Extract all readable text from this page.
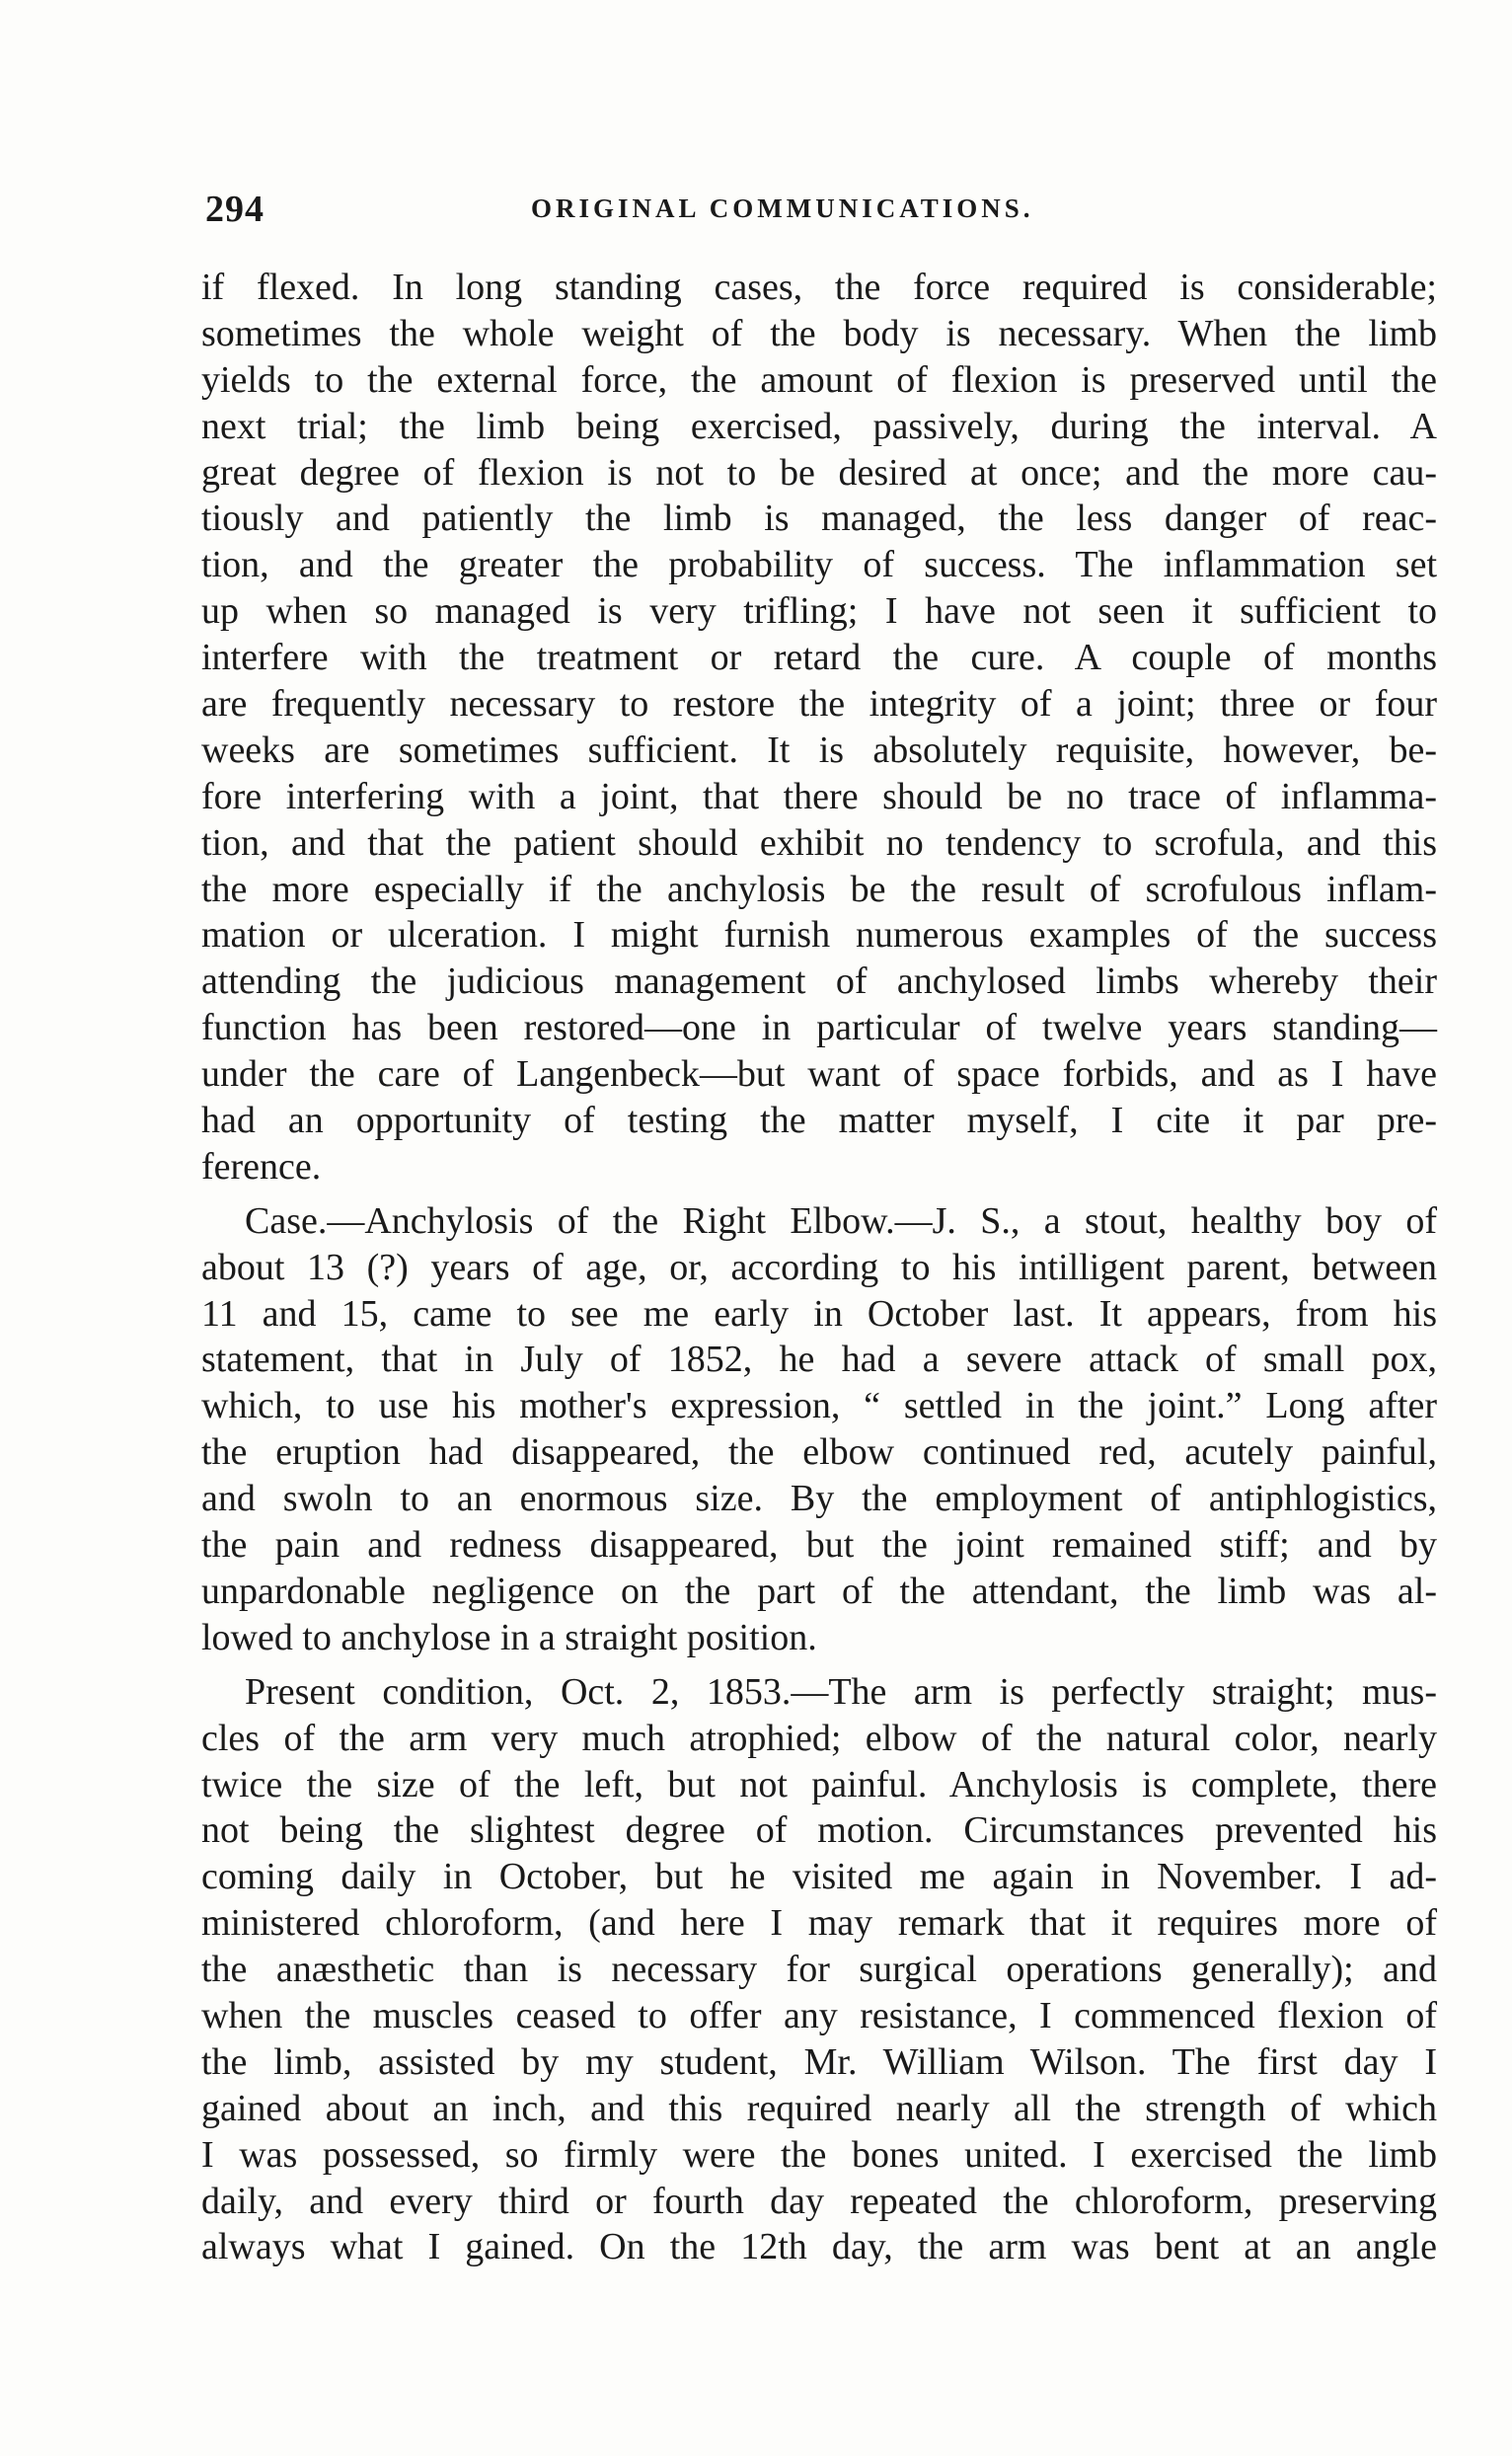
294	ORIGINAL COMMUNICATIONS.
if flexed. In long standing cases, the force required is considerable;
sometimes the whole weight of the body is necessary. When the limb
yields to the external force, the amount of flexion is preserved until the
next trial; the limb being exercised, passively, during the interval. A
great degree of flexion is not to be desired at once; and the more cau-
tiously and patiently the limb is managed, the less danger of reac-
tion, and the greater the probability of success. The inflammation set
up when so managed is very trifling; I have not seen it sufficient to
interfere with the treatment or retard the cure. A couple of months
are frequently necessary to restore the integrity of a joint; three or four
weeks are sometimes sufficient. It is absolutely requisite, however, be-
fore interfering with a joint, that there should be no trace of inflamma-
tion, and that the patient should exhibit no tendency to scrofula, and this
the more especially if the anchylosis be the result of scrofulous inflam-
mation or ulceration. I might furnish numerous examples of the success
attending the judicious management of anchylosed limbs whereby their
function has been restored—one in particular of twelve years standing—
under the care of Langenbeck—but want of space forbids, and as I have
had an opportunity of testing the matter myself, I cite it par pre-
ference.
Case.—Anchylosis of the Right Elbow.—J. S., a stout, healthy boy of
about 13 (?) years of age, or, according to his intilligent parent, between
11 and 15, came to see me early in October last. It appears, from his
statement, that in July of 1852, he had a severe attack of small pox,
which, to use his mother's expression, “ settled in the joint.” Long after
the eruption had disappeared, the elbow continued red, acutely painful,
and swoln to an enormous size. By the employment of antiphlogistics,
the pain and redness disappeared, but the joint remained stiff; and by
unpardonable negligence on the part of the attendant, the limb was al-
lowed to anchylose in a straight position.
Present condition, Oct. 2, 1853.—The arm is perfectly straight; mus-
cles of the arm very much atrophied; elbow of the natural color, nearly
twice the size of the left, but not painful. Anchylosis is complete, there
not being the slightest degree of motion. Circumstances prevented his
coming daily in October, but he visited me again in November. I ad-
ministered chloroform, (and here I may remark that it requires more of
the anæsthetic than is necessary for surgical operations generally); and
when the muscles ceased to offer any resistance, I commenced flexion of
the limb, assisted by my student, Mr. William Wilson. The first day I
gained about an inch, and this required nearly all the strength of which
I was possessed, so firmly were the bones united. I exercised the limb
daily, and every third or fourth day repeated the chloroform, preserving
always what I gained. On the 12th day, the arm was bent at an angle
